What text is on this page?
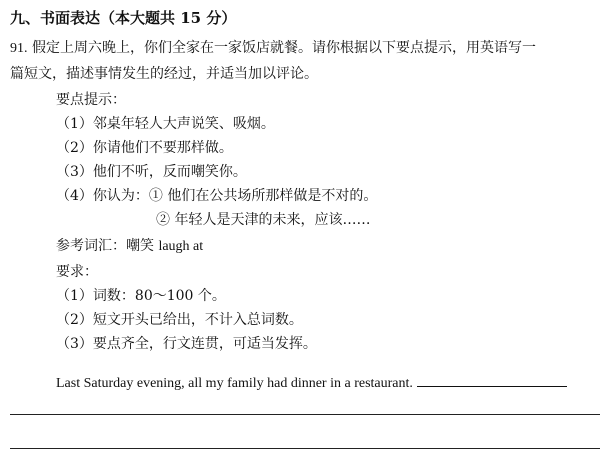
九、书面表达（本大题共 15 分）
91. 假定上周六晚上，你们全家在一家饭店就餐。请你根据以下要点提示，用英语写一
篇短文，描述事情发生的经过，并适当加以评论。
要点提示：
（1）邻桌年轻人大声说笑、吸烟。
（2）你请他们不要那样做。
（3）他们不听，反而嘲笑你。
（4）你认为：① 他们在公共场所那样做是不对的。
② 年轻人是天津的未来，应该……
参考词汇：嘲笑 laugh at
要求：
（1）词数：80～100 个。
（2）短文开头已给出，不计入总词数。
（3）要点齐全，行文连贯，可适当发挥。
Last Saturday evening, all my family had dinner in a restaurant.
